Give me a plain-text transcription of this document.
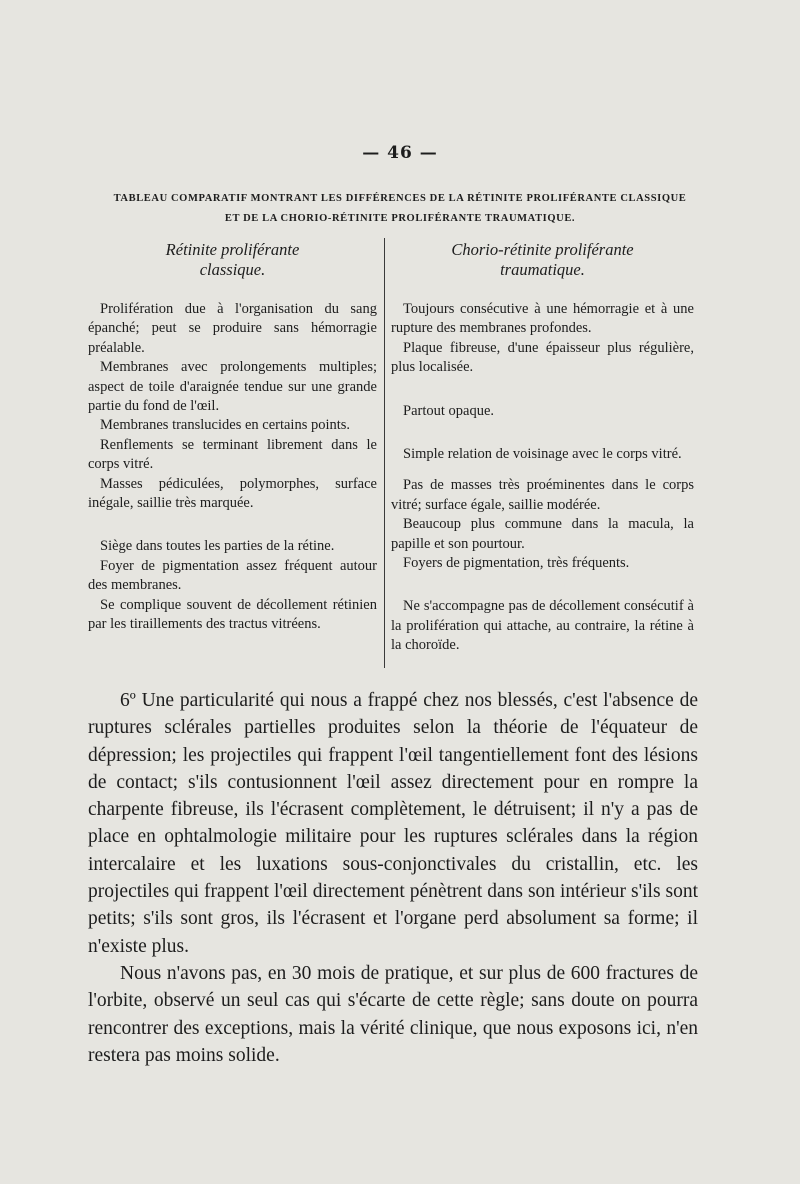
— 46 —
TABLEAU COMPARATIF MONTRANT LES DIFFÉRENCES DE LA RÉTINITE PROLIFÉRANTE CLASSIQUE
ET DE LA CHORIO-RÉTINITE PROLIFÉRANTE TRAUMATIQUE.
Rétinite proliférante
classique.

Prolifération due à l'organisation du sang épanché; peut se produire sans hémorragie préalable.

Membranes avec prolongements multiples; aspect de toile d'araignée tendue sur une grande partie du fond de l'œil.

Membranes translucides en certains points.

Renflements se terminant librement dans le corps vitré.

Masses pédiculées, polymorphes, surface inégale, saillie très marquée.

Siège dans toutes les parties de la rétine.

Foyer de pigmentation assez fréquent autour des membranes.

Se complique souvent de décollement rétinien par les tiraillements des tractus vitréens.

Chorio-rétinite proliférante
traumatique.

Toujours consécutive à une hémorragie et à une rupture des membranes profondes.

Plaque fibreuse, d'une épaisseur plus régulière, plus localisée.

Partout opaque.

Simple relation de voisinage avec le corps vitré.

Pas de masses très proéminentes dans le corps vitré; surface égale, saillie modérée.

Beaucoup plus commune dans la macula, la papille et son pourtour.

Foyers de pigmentation, très fréquents.

Ne s'accompagne pas de décollement consécutif à la prolifération qui attache, au contraire, la rétine à la choroïde.

6º Une particularité qui nous a frappé chez nos blessés, c'est l'absence de ruptures sclérales partielles produites selon la théorie de l'équateur de dépression; les projectiles qui frappent l'œil tangentiellement font des lésions de contact; s'ils contusionnent l'œil assez directement pour en rompre la charpente fibreuse, ils l'écrasent complètement, le détruisent; il n'y a pas de place en ophtalmologie militaire pour les ruptures sclérales dans la région intercalaire et les luxations sous-conjonctivales du cristallin, etc. les projectiles qui frappent l'œil directement pénètrent dans son intérieur s'ils sont petits; s'ils sont gros, ils l'écrasent et l'organe perd absolument sa forme; il n'existe plus.

Nous n'avons pas, en 30 mois de pratique, et sur plus de 600 fractures de l'orbite, observé un seul cas qui s'écarte de cette règle; sans doute on pourra rencontrer des exceptions, mais la vérité clinique, que nous exposons ici, n'en restera pas moins solide.
